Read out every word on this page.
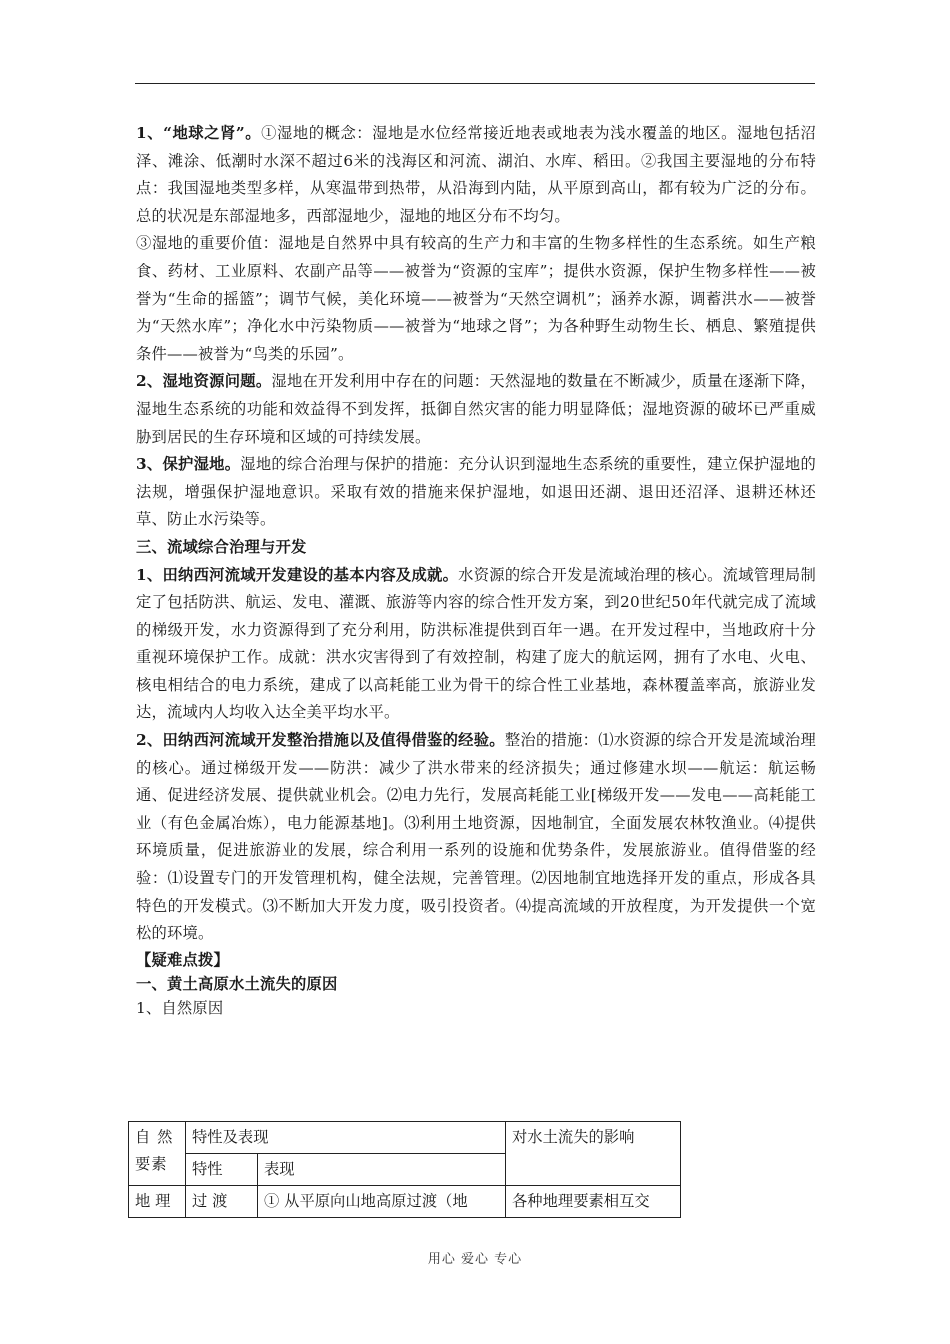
1、“地球之肾”。①湿地的概念：湿地是水位经常接近地表或地表为浅水覆盖的地区。湿地包括沼泽、滩涂、低潮时水深不超过6米的浅海区和河流、湖泊、水库、稻田。②我国主要湿地的分布特点：我国湿地类型多样，从寒温带到热带，从沿海到内陆，从平原到高山，都有较为广泛的分布。总的状况是东部湿地多，西部湿地少，湿地的地区分布不均匀。

③湿地的重要价值：湿地是自然界中具有较高的生产力和丰富的生物多样性的生态系统。如生产粮食、药材、工业原料、农副产品等——被誉为“资源的宝库”；提供水资源，保护生物多样性——被誉为“生命的摇篮”；调节气候，美化环境——被誉为“天然空调机”；涵养水源，调蓄洪水——被誉为“天然水库”；净化水中污染物质——被誉为“地球之肾”；为各种野生动物生长、栖息、繁殖提供条件——被誉为“鸟类的乐园”。

2、湿地资源问题。湿地在开发利用中存在的问题：天然湿地的数量在不断减少，质量在逐渐下降，湿地生态系统的功能和效益得不到发挥，抵御自然灾害的能力明显降低；湿地资源的破坏已严重威胁到居民的生存环境和区域的可持续发展。

3、保护湿地。湿地的综合治理与保护的措施：充分认识到湿地生态系统的重要性，建立保护湿地的法规，增强保护湿地意识。采取有效的措施来保护湿地，如退田还湖、退田还沼泽、退耕还林还草、防止水污染等。

三、流域综合治理与开发

1、田纳西河流域开发建设的基本内容及成就。水资源的综合开发是流域治理的核心。流域管理局制定了包括防洪、航运、发电、灌溉、旅游等内容的综合性开发方案，到20世纪50年代就完成了流域的梯级开发，水力资源得到了充分利用，防洪标准提供到百年一遇。在开发过程中，当地政府十分重视环境保护工作。成就：洪水灾害得到了有效控制，构建了庞大的航运网，拥有了水电、火电、核电相结合的电力系统，建成了以高耗能工业为骨干的综合性工业基地，森林覆盖率高，旅游业发达，流域内人均收入达全美平均水平。

2、田纳西河流域开发整治措施以及值得借鉴的经验。整治的措施：⑴水资源的综合开发是流域治理的核心。通过梯级开发——防洪：减少了洪水带来的经济损失；通过修建水坝——航运：航运畅通、促进经济发展、提供就业机会。⑵电力先行，发展高耗能工业[梯级开发——发电——高耗能工业（有色金属冶炼），电力能源基地]。⑶利用土地资源，因地制宜，全面发展农林牧渔业。⑷提供环境质量，促进旅游业的发展，综合利用一系列的设施和优势条件，发展旅游业。值得借鉴的经验：⑴设置专门的开发管理机构，健全法规，完善管理。⑵因地制宜地选择开发的重点，形成各具特色的开发模式。⑶不断加大开发力度，吸引投资者。⑷提高流域的开放程度，为开发提供一个宽松的环境。

【疑难点拨】

一、黄土高原水土流失的原因

1、自然原因

自 然要素	特性及表现		对水土流失的影响
	特性	表现	
地 理	过 渡	① 从平原向山地高原过渡（地	各种地理要素相互交
用心 爱心 专心
